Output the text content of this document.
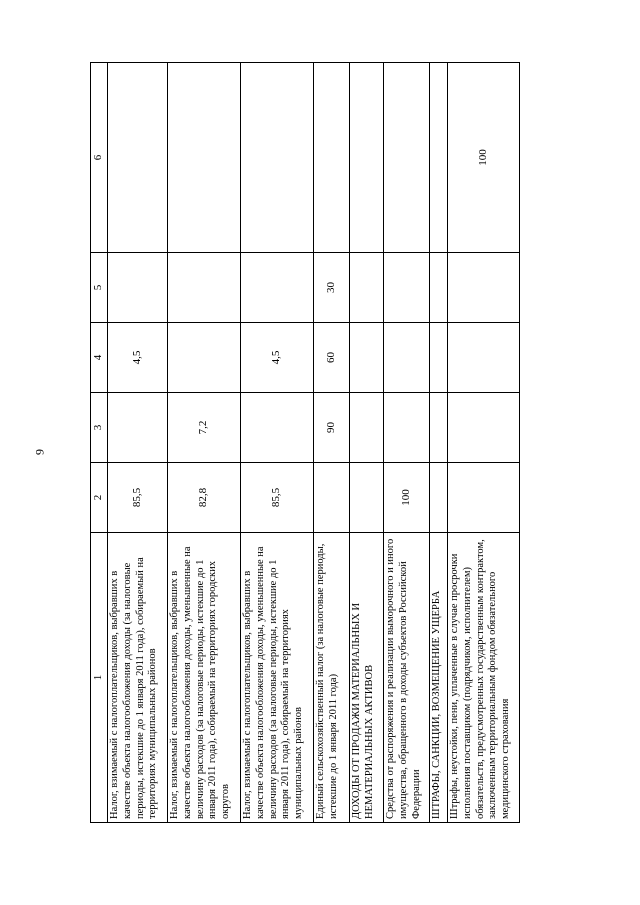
9
1	2	3	4	5	6
Налог, взимаемый с налогоплательщиков, выбравших в качестве объекта налогообложения доходы (за налоговые периоды, истекшие до 1 января 2011 года), собираемый на территориях муниципальных районов	85,5		4,5		
Налог, взимаемый с налогоплательщиков, выбравших в качестве объекта налогообложения доходы, уменьшенные на величину расходов (за налоговые периоды, истекшие до 1 января 2011 года), собираемый на территориях городских округов	82,8	7,2			
Налог, взимаемый с налогоплательщиков, выбравших в качестве объекта налогообложения доходы, уменьшенные на величину расходов (за налоговые периоды, истекшие до 1 января 2011 года), собираемый на территориях муниципальных районов	85,5		4,5		
Единый сельскохозяйственный налог (за налоговые периоды, истекшие до 1 января 2011 года)		90	60	30	
ДОХОДЫ ОТ ПРОДАЖИ МАТЕРИАЛЬНЫХ И НЕМАТЕРИАЛЬНЫХ АКТИВОВ					
Средства от распоряжения и реализации выморочного и иного имущества, обращенного в доходы субъектов Российской Федерации	100				
ШТРАФЫ, САНКЦИИ, ВОЗМЕЩЕНИЕ УЩЕРБА					
Штрафы, неустойки, пени, уплаченные в случае просрочки исполнения поставщиком (подрядчиком, исполнителем) обязательств, предусмотренных государственным контрактом, заключенным территориальным фондом обязательного медицинского страхования					100
